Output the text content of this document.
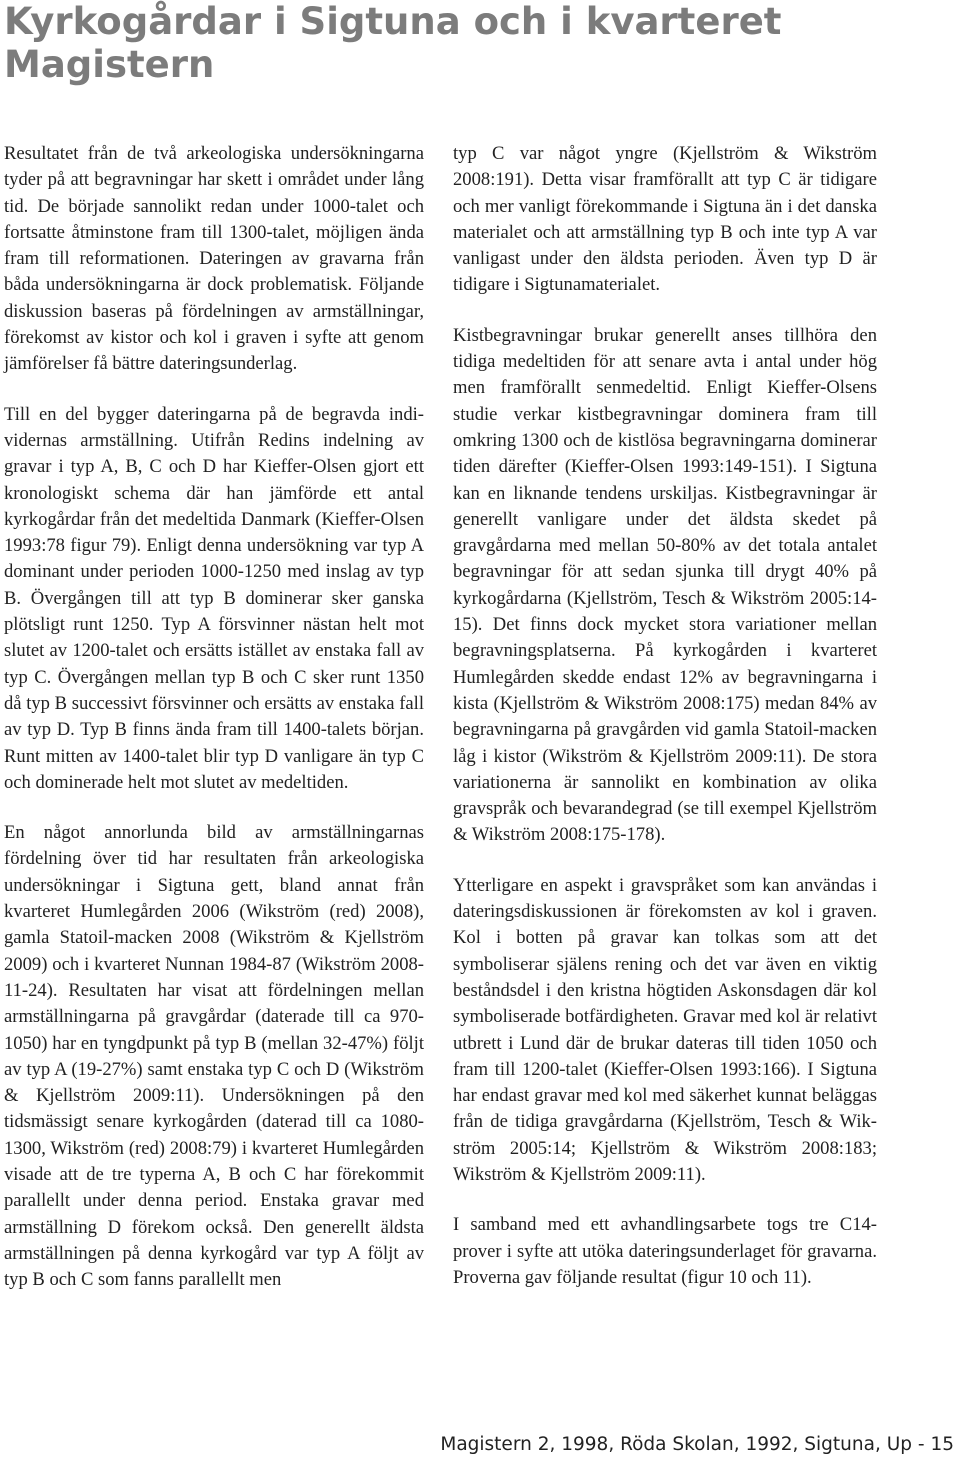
Kyrkogårdar i Sigtuna och i kvarteret Magistern

Resultatet från de två arkeologiska undersökningarna tyder på att begravningar har skett i området under lång tid. De började sannolikt redan under 1000-talet och fortsatte åtminstone fram till 1300-talet, möjligen ända fram till reformationen. Dateringen av gravarna från båda undersökningarna är dock problematisk. Följande diskussion baseras på fördelningen av armställningar, förekomst av kistor och kol i graven i syfte att genom jämförelser få bättre dateringsunderlag.

Till en del bygger dateringarna på de begravda individernas armställning. Utifrån Redins indelning av gravar i typ A, B, C och D har Kieffer-Olsen gjort ett kronologiskt schema där han jämförde ett antal kyrkogårdar från det medeltida Danmark (Kieffer-Olsen 1993:78 figur 79). Enligt denna undersökning var typ A dominant under perioden 1000-1250 med inslag av typ B. Övergången till att typ B dominerar sker ganska plötsligt runt 1250. Typ A försvinner nästan helt mot slutet av 1200-talet och ersätts istället av enstaka fall av typ C. Övergången mellan typ B och C sker runt 1350 då typ B successivt försvinner och ersätts av enstaka fall av typ D. Typ B finns ända fram till 1400-talets början. Runt mitten av 1400-talet blir typ D vanligare än typ C och dominerade helt mot slutet av medeltiden.

En något annorlunda bild av armställningarnas fördelning över tid har resultaten från arkeologiska undersökningar i Sigtuna gett, bland annat från kvarteret Humlegården 2006 (Wikström (red) 2008), gamla Statoil-macken 2008 (Wikström & Kjellström 2009) och i kvarteret Nunnan 1984-87 (Wikström 2008-11-24). Resultaten har visat att fördelningen mellan armställningarna på gravgårdar (daterade till ca 970-1050) har en tyngdpunkt på typ B (mellan 32-47%) följt av typ A (19-27%) samt enstaka typ C och D (Wikström & Kjellström 2009:11). Undersökningen på den tidsmässigt senare kyrkogården (daterad till ca 1080-1300, Wikström (red) 2008:79) i kvarteret Humlegården visade att de tre typerna A, B och C har förekommit parallellt under denna period. Enstaka gravar med armställning D förekom också. Den generellt äldsta armställningen på denna kyrkogård var typ A följt av typ B och C som fanns parallellt men

typ C var något yngre (Kjellström & Wikström 2008:191). Detta visar framförallt att typ C är tidigare och mer vanligt förekommande i Sigtuna än i det danska materialet och att armställning typ B och inte typ A var vanligast under den äldsta perioden. Även typ D är tidigare i Sigtunamaterialet.

Kistbegravningar brukar generellt anses tillhöra den tidiga medeltiden för att senare avta i antal under hög men framförallt senmedeltid. Enligt Kieffer-Olsens studie verkar kistbegravningar dominera fram till omkring 1300 och de kistlösa begravningarna dominerar tiden därefter (Kieffer-Olsen 1993:149-151). I Sigtuna kan en liknande tendens urskiljas. Kistbegravningar är generellt vanligare under det äldsta skedet på gravgårdarna med mellan 50-80% av det totala antalet begravningar för att sedan sjunka till drygt 40% på kyrkogårdarna (Kjellström, Tesch & Wikström 2005:14-15). Det finns dock mycket stora variationer mellan begravningsplatserna. På kyrkogården i kvarteret Humlegården skedde endast 12% av begravningarna i kista (Kjellström & Wikström 2008:175) medan 84% av begravningarna på gravgården vid gamla Statoil-macken låg i kistor (Wikström & Kjellström 2009:11). De stora variationerna är sannolikt en kombination av olika gravspråk och bevarandegrad (se till exempel Kjellström & Wikström 2008:175-178).

Ytterligare en aspekt i gravspråket som kan användas i dateringsdiskussionen är förekomsten av kol i graven. Kol i botten på gravar kan tolkas som att det symboliserar själens rening och det var även en viktig beståndsdel i den kristna högtiden Askonsdagen där kol symboliserade botfärdigheten. Gravar med kol är relativt utbrett i Lund där de brukar dateras till tiden 1050 och fram till 1200-talet (Kieffer-Olsen 1993:166). I Sigtuna har endast gravar med kol med säkerhet kunnat beläggas från de tidiga gravgårdarna (Kjellström, Tesch & Wikström 2005:14; Kjellström & Wikström 2008:183; Wikström & Kjellström 2009:11).

I samband med ett avhandlingsarbete togs tre C14-prover i syfte att utöka dateringsunderlaget för gravarna. Proverna gav följande resultat (figur 10 och 11).

Magistern 2, 1998, Röda Skolan, 1992, Sigtuna, Up - 15
